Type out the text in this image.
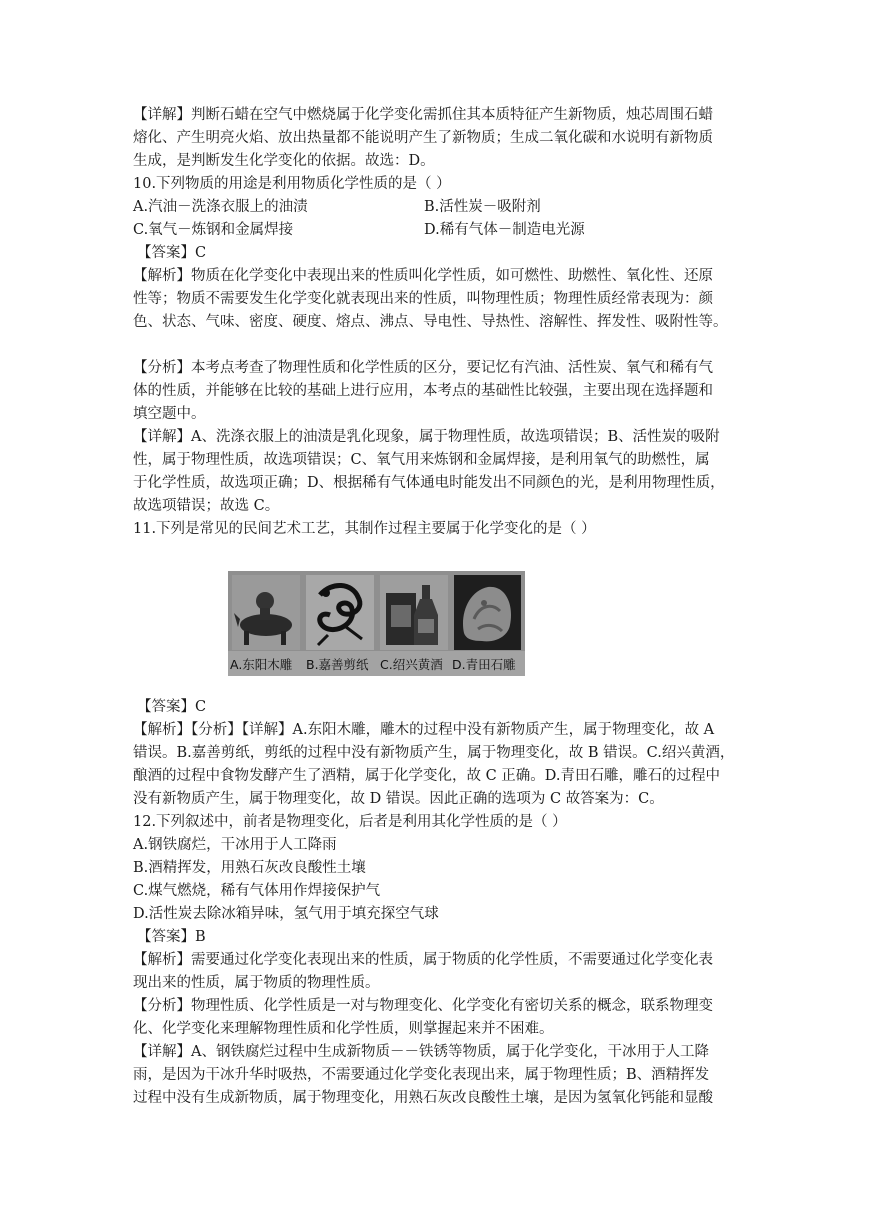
【详解】判断石蜡在空气中燃烧属于化学变化需抓住其本质特征产生新物质，烛芯周围石蜡
熔化、产生明亮火焰、放出热量都不能说明产生了新物质；生成二氧化碳和水说明有新物质
生成，是判断发生化学变化的依据。故选：D。
10.下列物质的用途是利用物质化学性质的是（ ）
A.汽油－洗涤衣服上的油渍	B.活性炭－吸附剂
C.氧气－炼钢和金属焊接	D.稀有气体－制造电光源
【答案】C
【解析】物质在化学变化中表现出来的性质叫化学性质，如可燃性、助燃性、氧化性、还原
性等；物质不需要发生化学变化就表现出来的性质，叫物理性质；物理性质经常表现为：颜
色、状态、气味、密度、硬度、熔点、沸点、导电性、导热性、溶解性、挥发性、吸附性等。
【分析】本考点考查了物理性质和化学性质的区分，要记忆有汽油、活性炭、氧气和稀有气
体的性质，并能够在比较的基础上进行应用，本考点的基础性比较强，主要出现在选择题和
填空题中。
【详解】A、洗涤衣服上的油渍是乳化现象，属于物理性质，故选项错误；B、活性炭的吸附
性，属于物理性质，故选项错误；C、氧气用来炼钢和金属焊接，是利用氧气的助燃性，属
于化学性质，故选项正确；D、根据稀有气体通电时能发出不同颜色的光，是利用物理性质，
故选项错误；故选 C。
11.下列是常见的民间艺术工艺，其制作过程主要属于化学变化的是（ ）
A.东阳木雕 B.嘉善剪纸 C.绍兴黄酒 D.青田石雕
【答案】C
【解析】【分析】【详解】A.东阳木雕，雕木的过程中没有新物质产生，属于物理变化，故 A
错误。B.嘉善剪纸，剪纸的过程中没有新物质产生，属于物理变化，故 B 错误。C.绍兴黄酒，
酿酒的过程中食物发酵产生了酒精，属于化学变化，故 C 正确。D.青田石雕，雕石的过程中
没有新物质产生，属于物理变化，故 D 错误。因此正确的选项为 C 故答案为：C。
12.下列叙述中，前者是物理变化，后者是利用其化学性质的是（ ）
A.钢铁腐烂，干冰用于人工降雨
B.酒精挥发，用熟石灰改良酸性土壤
C.煤气燃烧，稀有气体用作焊接保护气
D.活性炭去除冰箱异味，氢气用于填充探空气球
【答案】B
【解析】需要通过化学变化表现出来的性质，属于物质的化学性质，不需要通过化学变化表
现出来的性质，属于物质的物理性质。
【分析】物理性质、化学性质是一对与物理变化、化学变化有密切关系的概念，联系物理变
化、化学变化来理解物理性质和化学性质，则掌握起来并不困难。
【详解】A、钢铁腐烂过程中生成新物质－－铁锈等物质，属于化学变化，干冰用于人工降
雨，是因为干冰升华时吸热，不需要通过化学变化表现出来，属于物理性质；B、酒精挥发
过程中没有生成新物质，属于物理变化，用熟石灰改良酸性土壤，是因为氢氧化钙能和显酸
